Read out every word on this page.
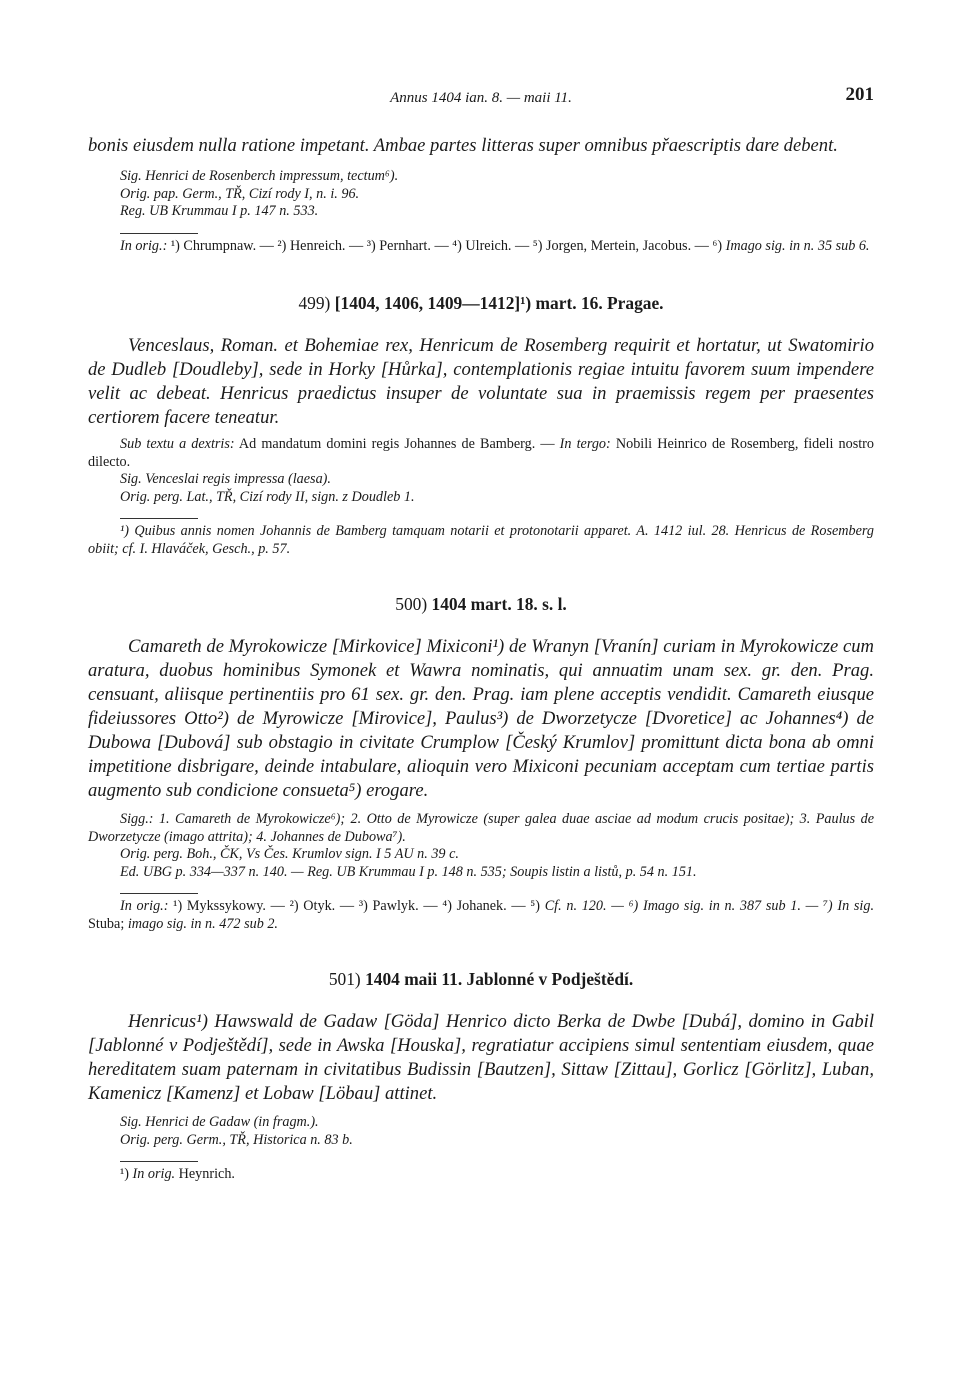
Annus 1404 ian. 8. — maii 11.	201

bonis eiusdem nulla ratione impetant. Ambae partes litteras super omnibus přaescriptis dare debent.

Sig. Henrici de Rosenberch impressum, tectum⁶).

Orig. pap. Germ., TŘ, Cizí rody I, n. i. 96.

Reg. UB Krummau I p. 147 n. 533.

In orig.: ¹) Chrumpnaw. — ²) Henreich. — ³) Pernhart. — ⁴) Ulreich. — ⁵) Jorgen, Mertein, Jacobus. — ⁶) Imago sig. in n. 35 sub 6.

499) [1404, 1406, 1409—1412]¹) mart. 16. Pragae.

Venceslaus, Roman. et Bohemiae rex, Henricum de Rosemberg requirit et hortatur, ut Swatomirio de Dudleb [Doudleby], sede in Horky [Hůrka], contemplationis regiae intuitu favorem suum impendere velit ac debeat. Henricus praedictus insuper de voluntate sua in praemissis regem per praesentes certiorem facere teneatur.

Sub textu a dextris: Ad mandatum domini regis Johannes de Bamberg. — In tergo: Nobili Heinrico de Rosemberg, fideli nostro dilecto.

Sig. Venceslai regis impressa (laesa).

Orig. perg. Lat., TŘ, Cizí rody II, sign. z Doudleb 1.

¹) Quibus annis nomen Johannis de Bamberg tamquam notarii et protonotarii apparet. A. 1412 iul. 28. Henricus de Rosemberg obiit; cf. I. Hlaváček, Gesch., p. 57.

500) 1404 mart. 18. s. l.

Camareth de Myrokowicze [Mirkovice] Mixiconi¹) de Wranyn [Vranín] curiam in Myrokowicze cum aratura, duobus hominibus Symonek et Wawra nominatis, qui annuatim unam sex. gr. den. Prag. censuant, aliisque pertinentiis pro 61 sex. gr. den. Prag. iam plene acceptis vendidit. Camareth eiusque fideiussores Otto²) de Myrowicze [Mirovice], Paulus³) de Dworzetycze [Dvoretice] ac Johannes⁴) de Dubowa [Dubová] sub obstagio in civitate Crumplow [Český Krumlov] promittunt dicta bona ab omni impetitione disbrigare, deinde intabulare, alioquin vero Mixiconi pecuniam acceptam cum tertiae partis augmento sub condicione consueta⁵) erogare.

Sigg.: 1. Camareth de Myrokowicze⁶); 2. Otto de Myrowicze (super galea duae asciae ad modum crucis positae); 3. Paulus de Dworzetycze (imago attrita); 4. Johannes de Dubowa⁷).

Orig. perg. Boh., ČK, Vs Čes. Krumlov sign. I 5 AU n. 39 c.

Ed. UBG p. 334—337 n. 140. — Reg. UB Krummau I p. 148 n. 535; Soupis listin a listů, p. 54 n. 151.

In orig.: ¹) Mykssykowy. — ²) Otyk. — ³) Pawlyk. — ⁴) Johanek. — ⁵) Cf. n. 120. — ⁶) Imago sig. in n. 387 sub 1. — ⁷) In sig. Stuba; imago sig. in n. 472 sub 2.

501) 1404 maii 11. Jablonné v Podještědí.

Henricus¹) Hawswald de Gadaw [Göda] Henrico dicto Berka de Dwbe [Dubá], domino in Gabil [Jablonné v Podještědí], sede in Awska [Houska], regratiatur accipiens simul sententiam eiusdem, quae hereditatem suam paternam in civitatibus Budissin [Bautzen], Sittaw [Zittau], Gorlicz [Görlitz], Luban, Kamenicz [Kamenz] et Lobaw [Löbau] attinet.

Sig. Henrici de Gadaw (in fragm.).

Orig. perg. Germ., TŘ, Historica n. 83 b.

¹) In orig. Heynrich.
